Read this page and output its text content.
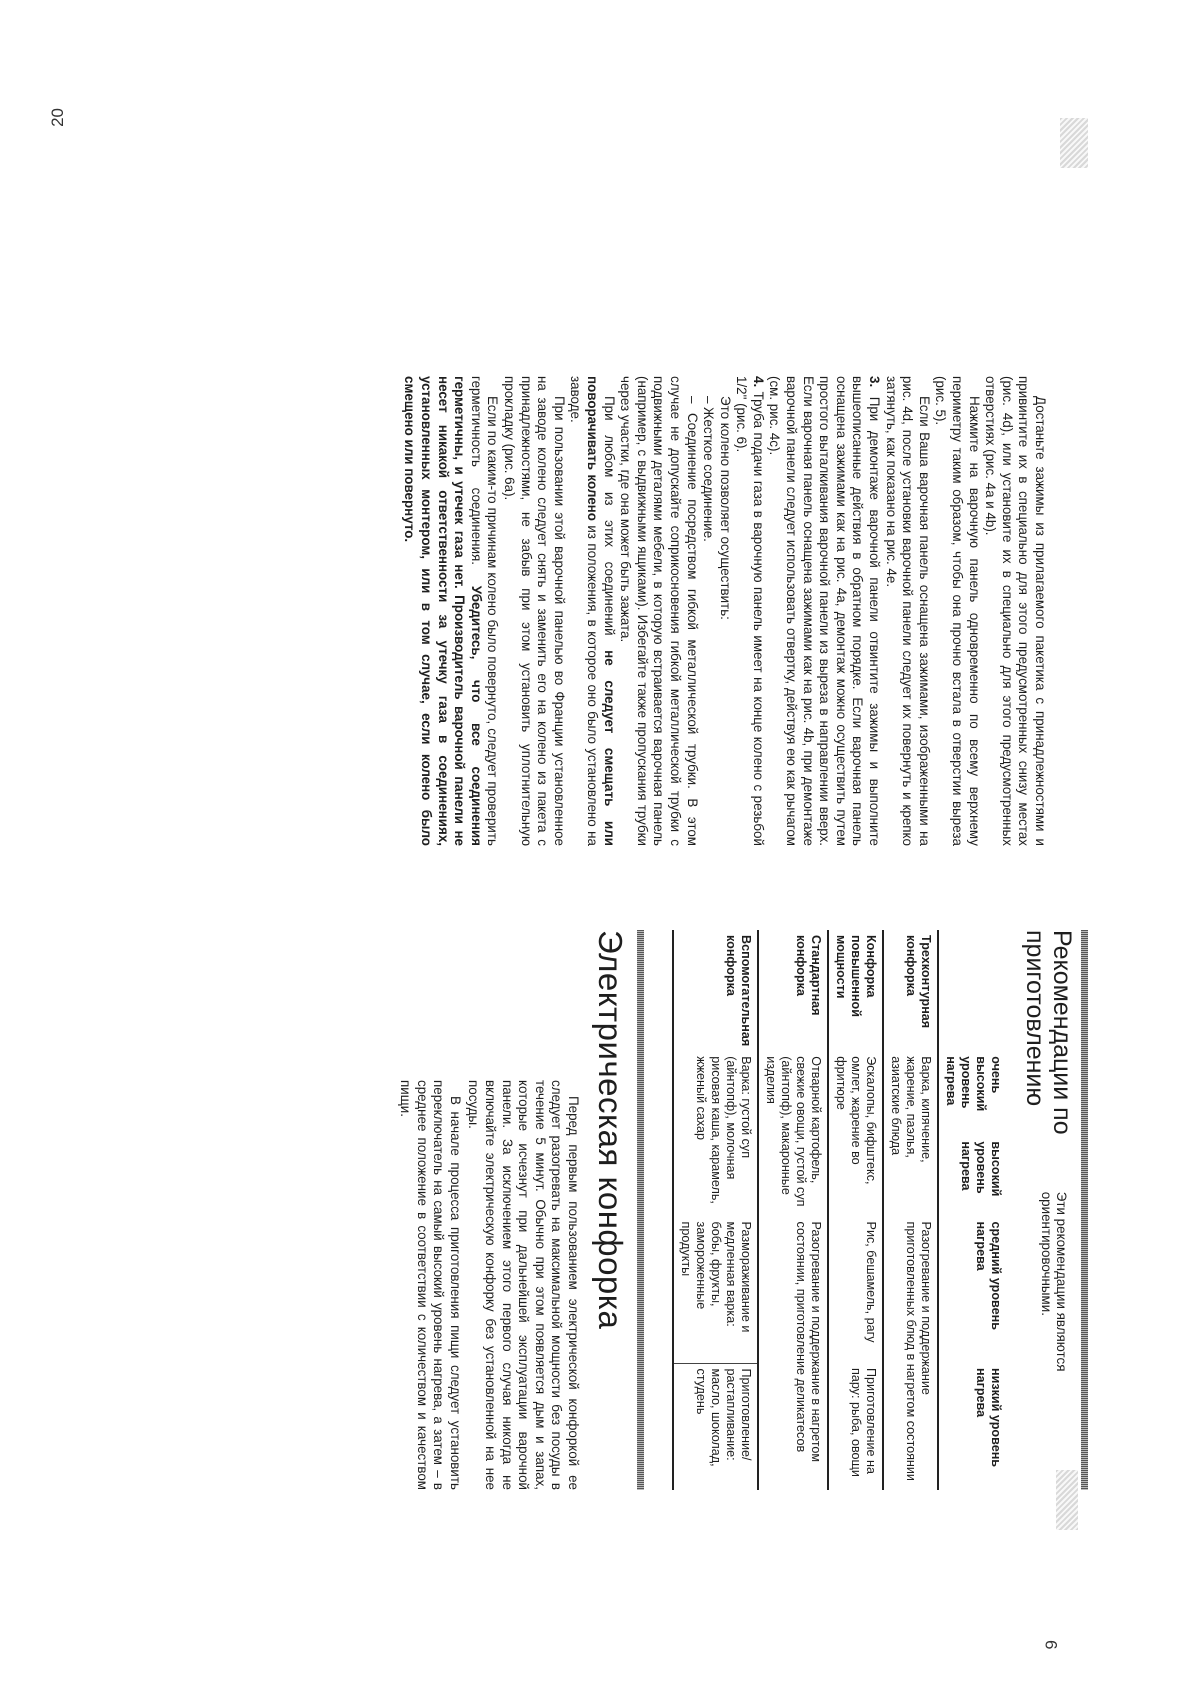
20
9

Достаньте зажимы из прилагаемого пакетика с принадлежностями и привинтите их в специально для этого предусмотренных снизу местах (рис. 4d), или установите их в специально для этого предусмотренных отверстиях (рис. 4a и 4b).

Нажмите на варочную панель одновременно по всему верхнему периметру таким образом, чтобы она прочно встала в отверстии выреза (рис. 5).

Если Ваша варочная панель оснащена зажимами, изображенными на рис. 4d, после установки варочной панели следует их повернуть и крепко затянуть, как показано на рис. 4e.

3. При демонтаже варочной панели отвинтите зажимы и выполните вышеописанные действия в обратном порядке. Если варочная панель оснащена зажимами как на рис. 4a, демонтаж можно осуществить путем простого выталкивания варочной панели из выреза в направлении вверх. Если варочная панель оснащена зажимами как на рис. 4b, при демонтаже варочной панели следует использовать отвертку, действуя ею как рычагом (см. рис. 4c).

4. Труба подачи газа в варочную панель имеет на конце колено с резьбой 1/2" (рис. 6).

Это колено позволяет осуществить:

– Жесткое соединение.

– Соединение посредством гибкой металлической трубки. В этом случае не допускайте соприкосновения гибкой металлической трубки с подвижными деталями мебели, в которую встраивается варочная панель (например, с выдвижными ящиками). Избегайте также пропускания трубки через участки, где она может быть зажата.

При любом из этих соединений не следует смещать или поворачивать колено из положения, в которое оно было установлено на заводе.

При пользовании этой варочной панелью во Франции установленное на заводе колено следует снять и заменить его на колено из пакета с принадлежностями, не забыв при этом установить уплотнительную прокладку (рис. 6a).

Если по каким-то причинам колено было повернуто, следует проверить герметичность соединения. Убедитесь, что все соединения герметичны, и утечек газа нет. Производитель варочной панели не несет никакой ответственности за утечку газа в соединениях, установленных монтером, или в том случае, если колено было смещено или повернуто.

Рекомендации по приготовлению
Эти рекомендации являются ориентировочными.
	очень высокий уровень нагрева	высокий уровень нагрева	средний уровень нагрева	низкий уровень нагрева
Трехконтурная конфорка	Варка, кипячение, жарение, паэлья, азиатские блюда		Разогревание и поддержание приготовленных блюд в нагретом состоянии	
Конфорка повышенной мощности	Эскалопы, бифштекс, омлет, жарение во фритюре		Рис, бешамель, рагу	Приготовление на пару: рыба, овощи
Стандартная конфорка	Отварной картофель, свежие овощи, густой суп (айнтопф), макаронные изделия		Разогревание и поддержание в нагретом состоянии, приготовление деликатесов	
Вспомогательная конфорка	Варка: густой суп (айнтопф), молочная рисовая каша, карамель, жженый сахар		Размораживание и медленная варка: бобы, фрукты, замороженные продукты	Приготовление/растапливание: масло, шоколад, студень
Электрическая конфорка

Перед первым пользованием электрической конфоркой ее следует разогревать на максимальной мощности без посуды в течение 5 минут. Обычно при этом появляется дым и запах, которые исчезнут при дальнейшей эксплуатации варочной панели. За исключением этого первого случая никогда не включайте электрическую конфорку без установленной на нее посуды.

В начале процесса приготовления пищи следует установить переключатель на самый высокий уровень нагрева, а затем – в среднее положение в соответствии с количеством и качеством пищи.
